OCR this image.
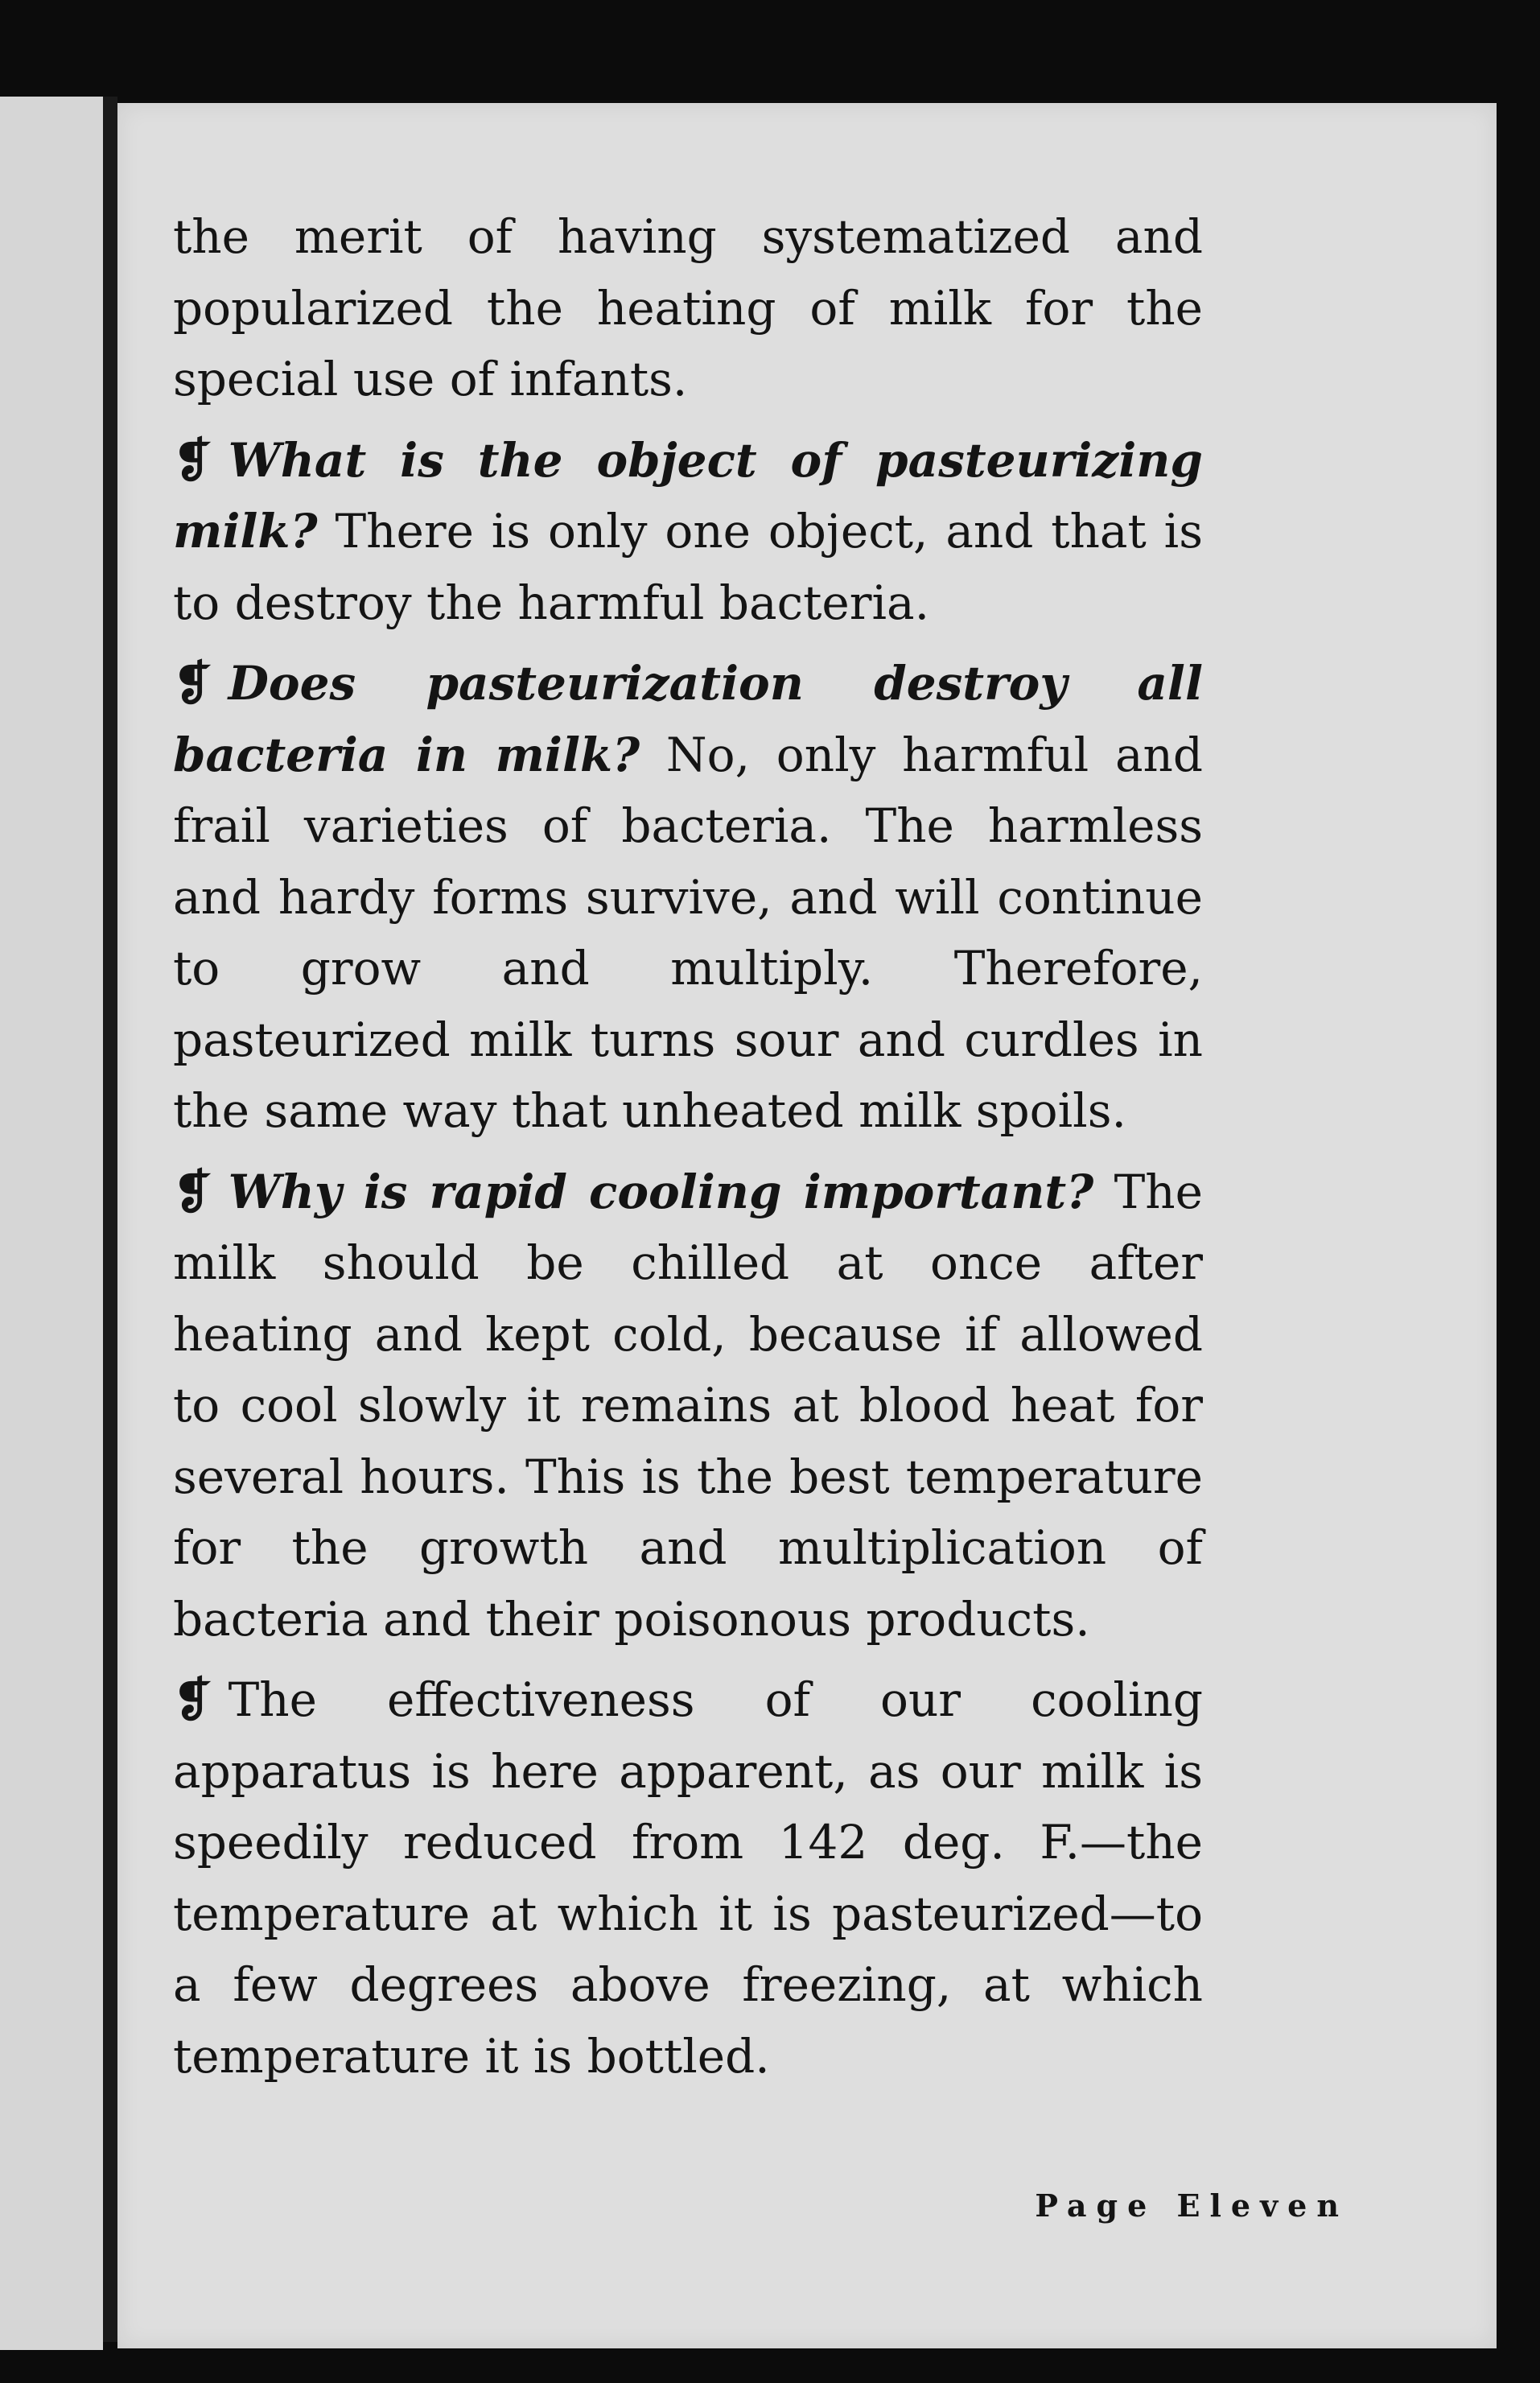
the merit of having systematized and popularized the heating of milk for the special use of infants.

❡ What is the object of pasteurizing milk? There is only one object, and that is to destroy the harmful bacteria.

❡ Does pasteurization destroy all bacteria in milk? No, only harmful and frail varieties of bacteria. The harmless and hardy forms survive, and will continue to grow and multiply. Therefore, pasteurized milk turns sour and curdles in the same way that unheated milk spoils.

❡ Why is rapid cooling important? The milk should be chilled at once after heating and kept cold, because if allowed to cool slowly it remains at blood heat for several hours. This is the best temperature for the growth and multiplication of bacteria and their poisonous products.

❡ The effectiveness of our cooling apparatus is here apparent, as our milk is speedily reduced from 142 deg. F.—the temperature at which it is pasteurized—to a few degrees above freezing, at which temperature it is bottled.

Page Eleven
